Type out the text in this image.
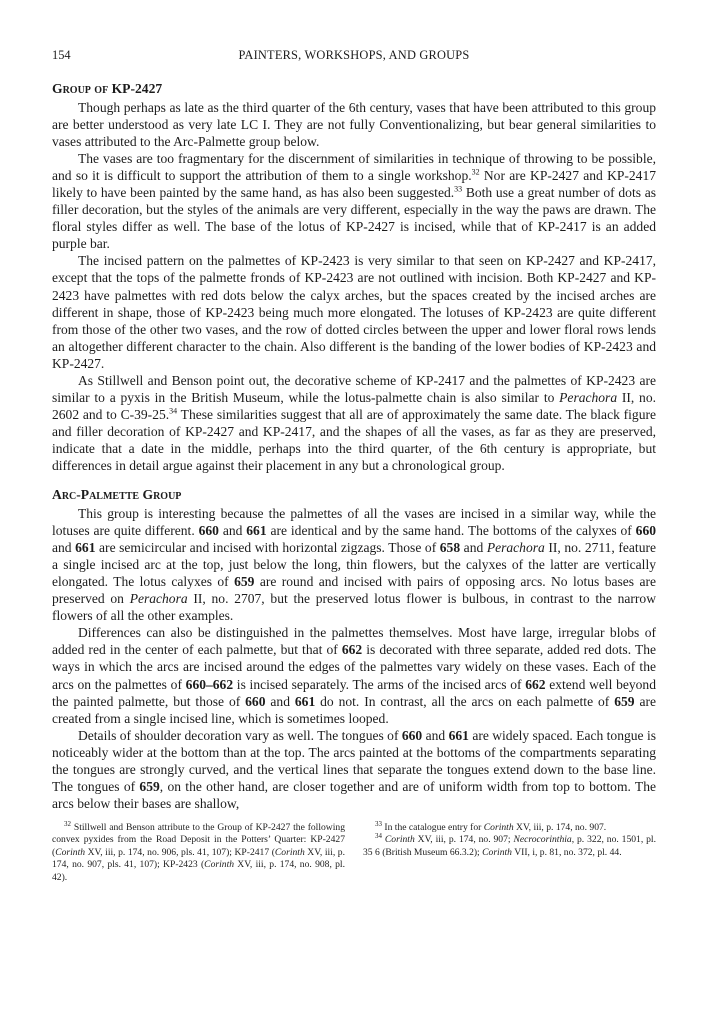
154	PAINTERS, WORKSHOPS, AND GROUPS
Group of KP-2427

Though perhaps as late as the third quarter of the 6th century, vases that have been attributed to this group are better understood as very late LC I. They are not fully Conventionalizing, but bear general similarities to vases attributed to the Arc-Palmette group below.

The vases are too fragmentary for the discernment of similarities in technique of throwing to be possible, and so it is difficult to support the attribution of them to a single workshop.$^{32}$ Nor are KP-2427 and KP-2417 likely to have been painted by the same hand, as has also been suggested.$^{33}$ Both use a great number of dots as filler decoration, but the styles of the animals are very different, especially in the way the paws are drawn. The floral styles differ as well. The base of the lotus of KP-2427 is incised, while that of KP-2417 is an added purple bar.

The incised pattern on the palmettes of KP-2423 is very similar to that seen on KP-2427 and KP-2417, except that the tops of the palmette fronds of KP-2423 are not outlined with incision. Both KP-2427 and KP-2423 have palmettes with red dots below the calyx arches, but the spaces created by the incised arches are different in shape, those of KP-2423 being much more elongated. The lotuses of KP-2423 are quite different from those of the other two vases, and the row of dotted circles between the upper and lower floral rows lends an altogether different character to the chain. Also different is the banding of the lower bodies of KP-2423 and KP-2427.

As Stillwell and Benson point out, the decorative scheme of KP-2417 and the palmettes of KP-2423 are similar to a pyxis in the British Museum, while the lotus-palmette chain is also similar to Perachora II, no. 2602 and to C-39-25.34 These similarities suggest that all are of approximately the same date. The black figure and filler decoration of KP-2427 and KP-2417, and the shapes of all the vases, as far as they are preserved, indicate that a date in the middle, perhaps into the third quarter, of the 6th century is appropriate, but differences in detail argue against their placement in any but a chronological group.

Arc-Palmette Group

This group is interesting because the palmettes of all the vases are incised in a similar way, while the lotuses are quite different. 660 and 661 are identical and by the same hand. The bottoms of the calyxes of 660 and 661 are semicircular and incised with horizontal zigzags. Those of 658 and Perachora II, no. 2711, feature a single incised arc at the top, just below the long, thin flowers, but the calyxes of the latter are vertically elongated. The lotus calyxes of 659 are round and incised with pairs of opposing arcs. No lotus bases are preserved on Perachora II, no. 2707, but the preserved lotus flower is bulbous, in contrast to the narrow flowers of all the other examples.

Differences can also be distinguished in the palmettes themselves. Most have large, irregular blobs of added red in the center of each palmette, but that of 662 is decorated with three separate, added red dots. The ways in which the arcs are incised around the edges of the palmettes vary widely on these vases. Each of the arcs on the palmettes of 660–662 is incised separately. The arms of the incised arcs of 662 extend well beyond the painted palmette, but those of 660 and 661 do not. In contrast, all the arcs on each palmette of 659 are created from a single incised line, which is sometimes looped.

Details of shoulder decoration vary as well. The tongues of 660 and 661 are widely spaced. Each tongue is noticeably wider at the bottom than at the top. The arcs painted at the bottoms of the compartments separating the tongues are strongly curved, and the vertical lines that separate the tongues extend down to the base line. The tongues of 659, on the other hand, are closer together and are of uniform width from top to bottom. The arcs below their bases are shallow,

$^{32}$ Stillwell and Benson attribute to the Group of KP-2427 the following convex pyxides from the Road Deposit in the Potters’ Quarter: KP-2427 (Corinth XV, iii, p. 174, no. 906, pls. 41, 107); KP-2417 (Corinth XV, iii, p. 174, no. 907, pls. 41, 107); KP-2423 (Corinth XV, iii, p. 174, no. 908, pl. 42).

$^{33}$ In the catalogue entry for Corinth XV, iii, p. 174, no. 907.

$^{34}$ Corinth XV, iii, p. 174, no. 907; Necrocorinthia, p. 322, no. 1501, pl. 35 6 (British Museum 66.3.2); Corinth VII, i, p. 81, no. 372, pl. 44.
